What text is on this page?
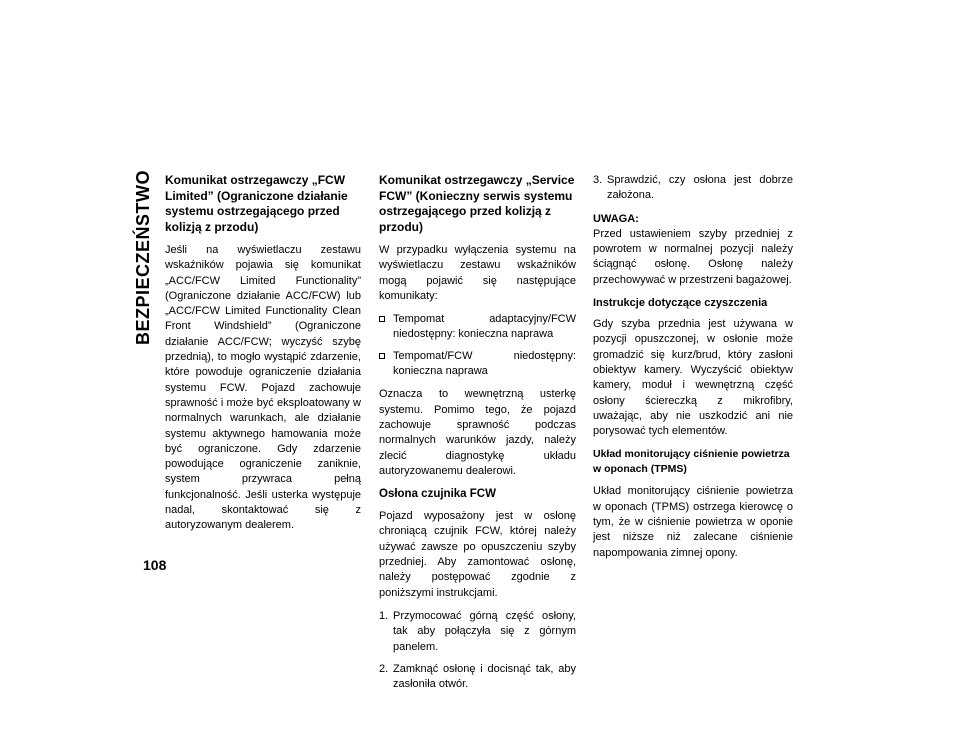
BEZPIECZEŃSTWO
108
Komunikat ostrzegawczy „FCW Limited” (Ograniczone działanie systemu ostrzegającego przed kolizją z przodu)

Jeśli na wyświetlaczu zestawu wskaźników pojawia się komunikat „ACC/FCW Limited Functionality” (Ograniczone działanie ACC/FCW) lub „ACC/FCW Limited Functionality Clean Front Windshield” (Ograniczone działanie ACC/FCW; wyczyść szybę przednią), to mogło wystąpić zdarzenie, które powoduje ograniczenie działania systemu FCW. Pojazd zachowuje sprawność i może być eksploatowany w normalnych warunkach, ale działanie systemu aktywnego hamowania może być ograniczone. Gdy zdarzenie powodujące ograniczenie zaniknie, system przywraca pełną funkcjonalność. Jeśli usterka występuje nadal, skontaktować się z autoryzowanym dealerem.

Komunikat ostrzegawczy „Service FCW” (Konieczny serwis systemu ostrzegającego przed kolizją z przodu)

W przypadku wyłączenia systemu na wyświetlaczu zestawu wskaźników mogą pojawić się następujące komunikaty:

Tempomat adaptacyjny/FCW niedostępny: konieczna naprawa
Tempomat/FCW niedostępny: konieczna naprawa

Oznacza to wewnętrzną usterkę systemu. Pomimo tego, że pojazd zachowuje sprawność podczas normalnych warunków jazdy, należy zlecić diagnostykę układu autoryzowanemu dealerowi.

Osłona czujnika FCW

Pojazd wyposażony jest w osłonę chroniącą czujnik FCW, której należy używać zawsze po opuszczeniu szyby przedniej. Aby zamontować osłonę, należy postępować zgodnie z poniższymi instrukcjami.

1. Przymocować górną część osłony, tak aby połączyła się z górnym panelem.
2. Zamknąć osłonę i docisnąć tak, aby zasłoniła otwór.
3. Sprawdzić, czy osłona jest dobrze założona.

UWAGA:

Przed ustawieniem szyby przedniej z powrotem w normalnej pozycji należy ściągnąć osłonę. Osłonę należy przechowywać w przestrzeni bagażowej.

Instrukcje dotyczące czyszczenia

Gdy szyba przednia jest używana w pozycji opuszczonej, w osłonie może gromadzić się kurz/brud, który zasłoni obiektyw kamery. Wyczyścić obiektyw kamery, moduł i wewnętrzną część osłony ściereczką z mikrofibry, uważając, aby nie uszkodzić ani nie porysować tych elementów.

Układ monitorujący ciśnienie powietrza w oponach (TPMS)

Układ monitorujący ciśnienie powietrza w oponach (TPMS) ostrzega kierowcę o tym, że w ciśnienie powietrza w oponie jest niższe niż zalecane ciśnienie napompowania zimnej opony.
